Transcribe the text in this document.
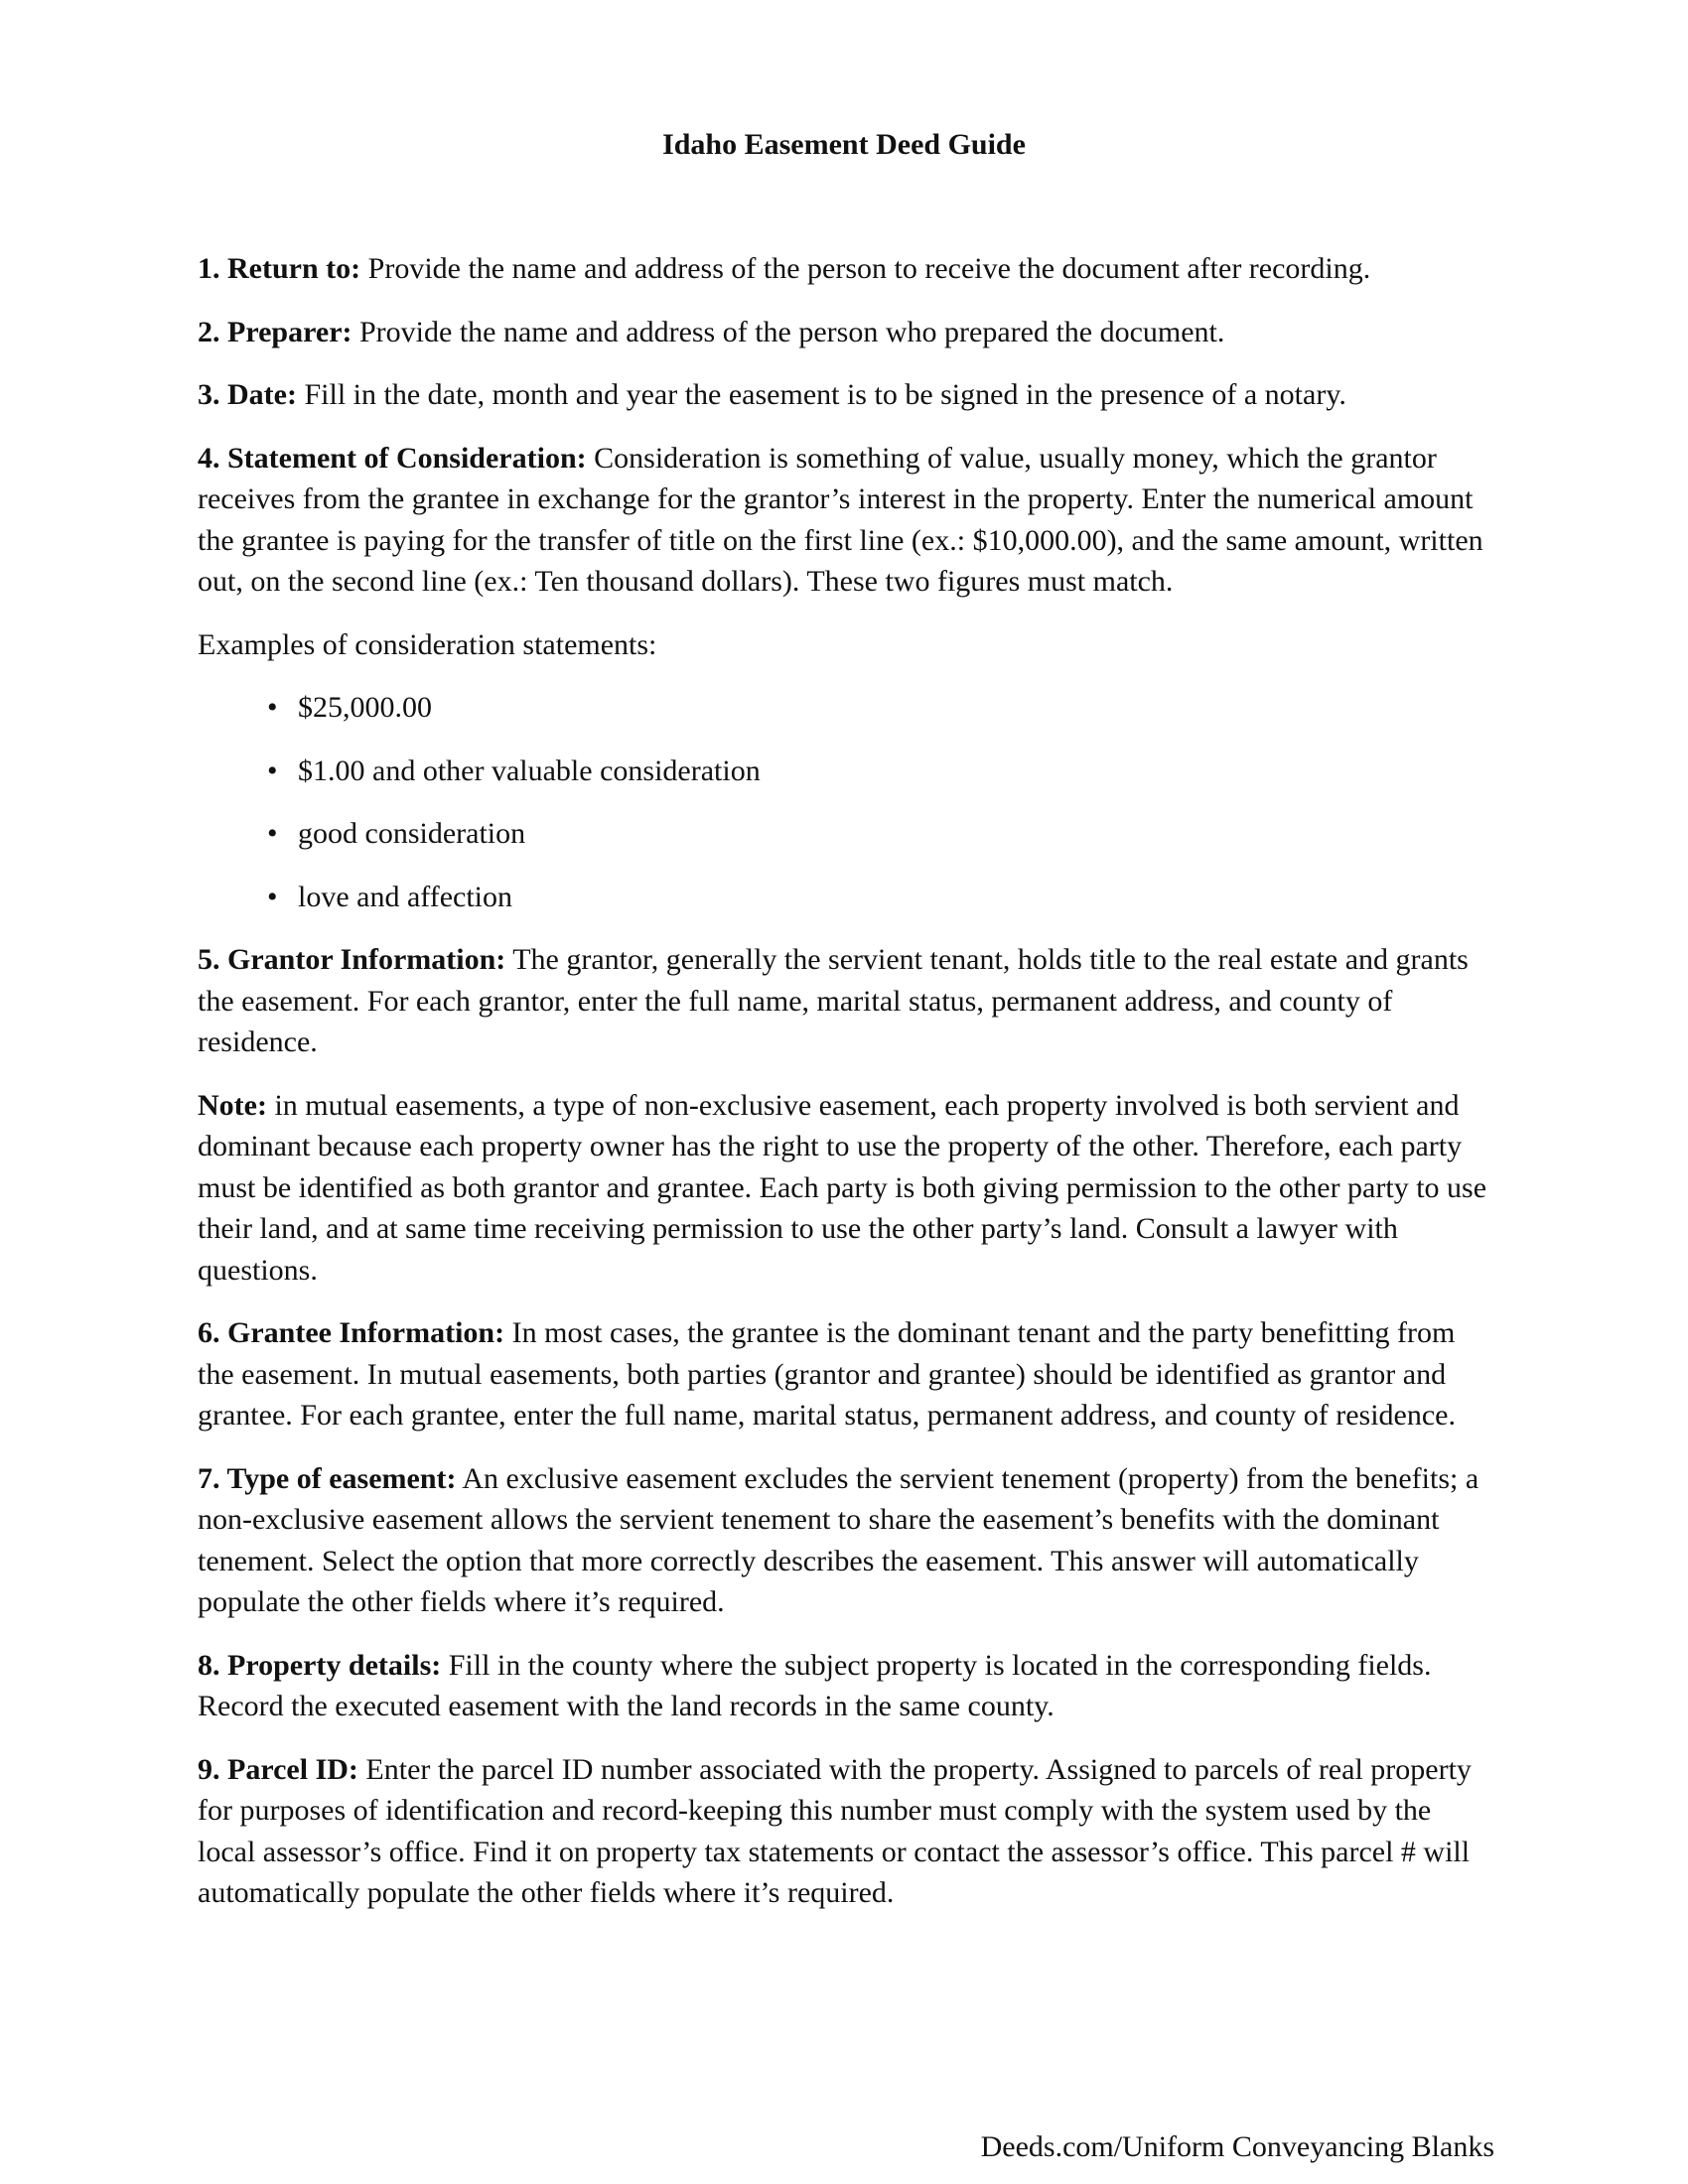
Idaho Easement Deed Guide

1. Return to: Provide the name and address of the person to receive the document after recording.

2. Preparer: Provide the name and address of the person who prepared the document.

3. Date: Fill in the date, month and year the easement is to be signed in the presence of a notary.

4. Statement of Consideration: Consideration is something of value, usually money, which the grantor receives from the grantee in exchange for the grantor’s interest in the property. Enter the numerical amount the grantee is paying for the transfer of title on the first line (ex.: $10,000.00), and the same amount, written out, on the second line (ex.: Ten thousand dollars). These two figures must match.

Examples of consideration statements:

• $25,000.00
• $1.00 and other valuable consideration
• good consideration
• love and affection

5. Grantor Information: The grantor, generally the servient tenant, holds title to the real estate and grants the easement. For each grantor, enter the full name, marital status, permanent address, and county of residence.

Note: in mutual easements, a type of non-exclusive easement, each property involved is both servient and dominant because each property owner has the right to use the property of the other. Therefore, each party must be identified as both grantor and grantee. Each party is both giving permission to the other party to use their land, and at same time receiving permission to use the other party’s land. Consult a lawyer with questions.

6. Grantee Information: In most cases, the grantee is the dominant tenant and the party benefitting from the easement. In mutual easements, both parties (grantor and grantee) should be identified as grantor and grantee. For each grantee, enter the full name, marital status, permanent address, and county of residence.

7. Type of easement: An exclusive easement excludes the servient tenement (property) from the benefits; a non-exclusive easement allows the servient tenement to share the easement’s benefits with the dominant tenement. Select the option that more correctly describes the easement. This answer will automatically populate the other fields where it’s required.

8. Property details: Fill in the county where the subject property is located in the corresponding fields. Record the executed easement with the land records in the same county.

9. Parcel ID: Enter the parcel ID number associated with the property. Assigned to parcels of real property for purposes of identification and record-keeping this number must comply with the system used by the local assessor’s office. Find it on property tax statements or contact the assessor’s office. This parcel # will automatically populate the other fields where it’s required.

Deeds.com/Uniform Conveyancing Blanks
